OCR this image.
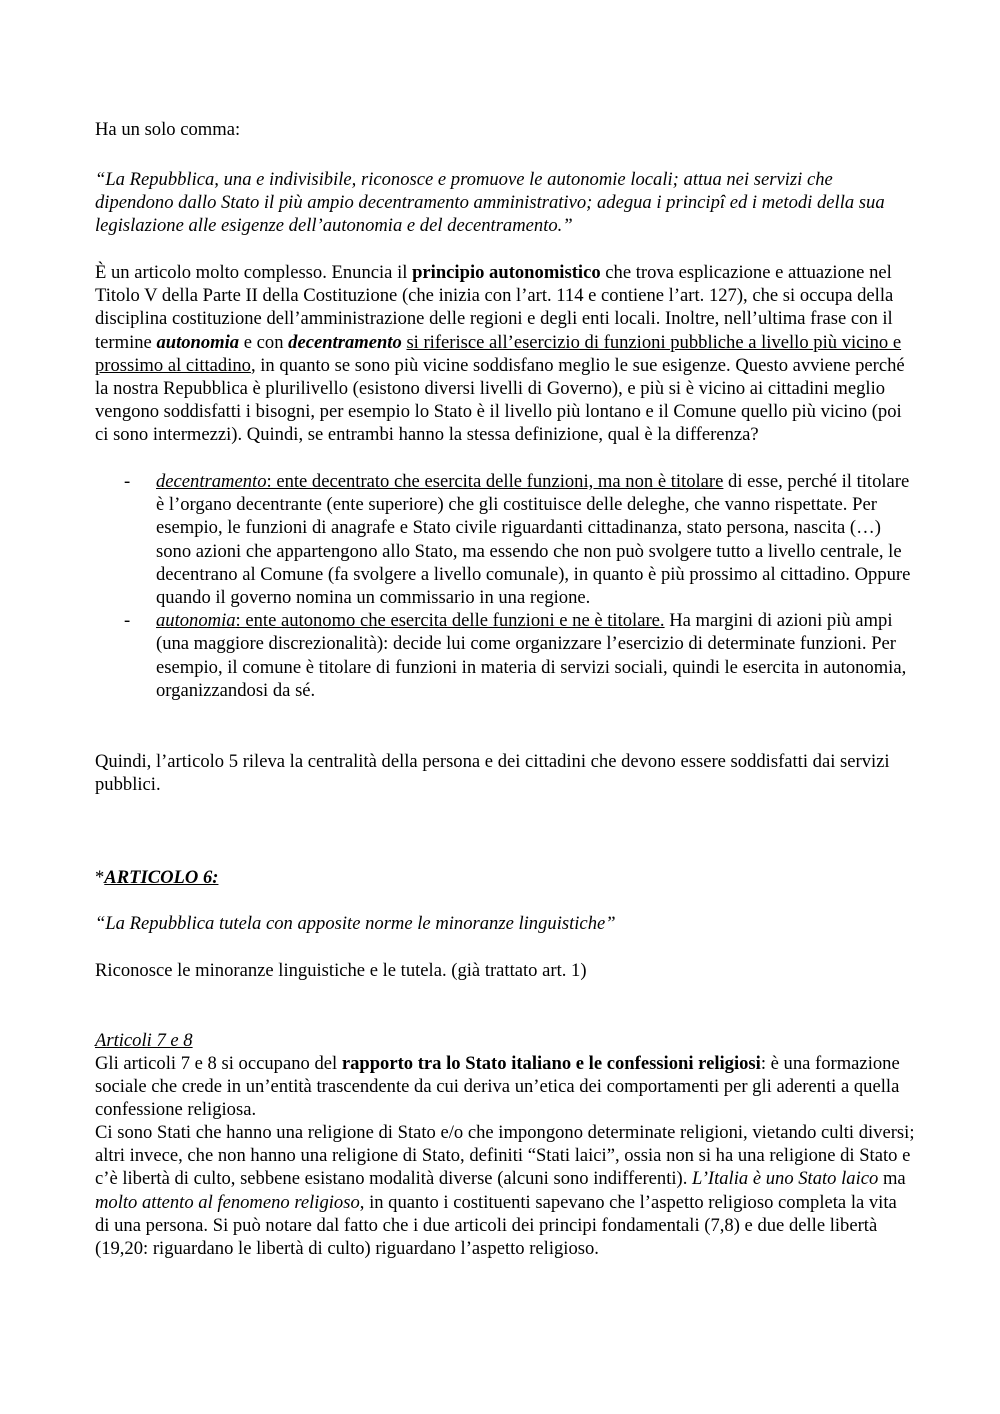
Ha un solo comma:

“La Repubblica, una e indivisibile, riconosce e promuove le autonomie locali; attua nei servizi che dipendono dallo Stato il più ampio decentramento amministrativo; adegua i principî ed i metodi della sua legislazione alle esigenze dell’autonomia e del decentramento.”

È un articolo molto complesso. Enuncia il principio autonomistico che trova esplicazione e attuazione nel Titolo V della Parte II della Costituzione (che inizia con l’art. 114 e contiene l’art. 127), che si occupa della disciplina costituzione dell’amministrazione delle regioni e degli enti locali. Inoltre, nell’ultima frase con il termine autonomia e con decentramento si riferisce all’esercizio di funzioni pubbliche a livello più vicino e prossimo al cittadino, in quanto se sono più vicine soddisfano meglio le sue esigenze. Questo avviene perché la nostra Repubblica è plurilivello (esistono diversi livelli di Governo), e più si è vicino ai cittadini meglio vengono soddisfatti i bisogni, per esempio lo Stato è il livello più lontano e il Comune quello più vicino (poi ci sono intermezzi). Quindi, se entrambi hanno la stessa definizione, qual è la differenza?

- decentramento: ente decentrato che esercita delle funzioni, ma non è titolare di esse, perché il titolare è l’organo decentrante (ente superiore) che gli costituisce delle deleghe, che vanno rispettate. Per esempio, le funzioni di anagrafe e Stato civile riguardanti cittadinanza, stato persona, nascita (…) sono azioni che appartengono allo Stato, ma essendo che non può svolgere tutto a livello centrale, le decentrano al Comune (fa svolgere a livello comunale), in quanto è più prossimo al cittadino. Oppure quando il governo nomina un commissario in una regione.
- autonomia: ente autonomo che esercita delle funzioni e ne è titolare. Ha margini di azioni più ampi (una maggiore discrezionalità): decide lui come organizzare l’esercizio di determinate funzioni. Per esempio, il comune è titolare di funzioni in materia di servizi sociali, quindi le esercita in autonomia, organizzandosi da sé.

Quindi, l’articolo 5 rileva la centralità della persona e dei cittadini che devono essere soddisfatti dai servizi pubblici.

*ARTICOLO 6:

“La Repubblica tutela con apposite norme le minoranze linguistiche”

Riconosce le minoranze linguistiche e le tutela. (già trattato art. 1)

Articoli 7 e 8

Gli articoli 7 e 8 si occupano del rapporto tra lo Stato italiano e le confessioni religiosi: è una formazione sociale che crede in un’entità trascendente da cui deriva un’etica dei comportamenti per gli aderenti a quella confessione religiosa.

Ci sono Stati che hanno una religione di Stato e/o che impongono determinate religioni, vietando culti diversi; altri invece, che non hanno una religione di Stato, definiti “Stati laici”, ossia non si ha una religione di Stato e c’è libertà di culto, sebbene esistano modalità diverse (alcuni sono indifferenti). L’Italia è uno Stato laico ma molto attento al fenomeno religioso, in quanto i costituenti sapevano che l’aspetto religioso completa la vita di una persona. Si può notare dal fatto che i due articoli dei principi fondamentali (7,8) e due delle libertà (19,20: riguardano le libertà di culto) riguardano l’aspetto religioso.
